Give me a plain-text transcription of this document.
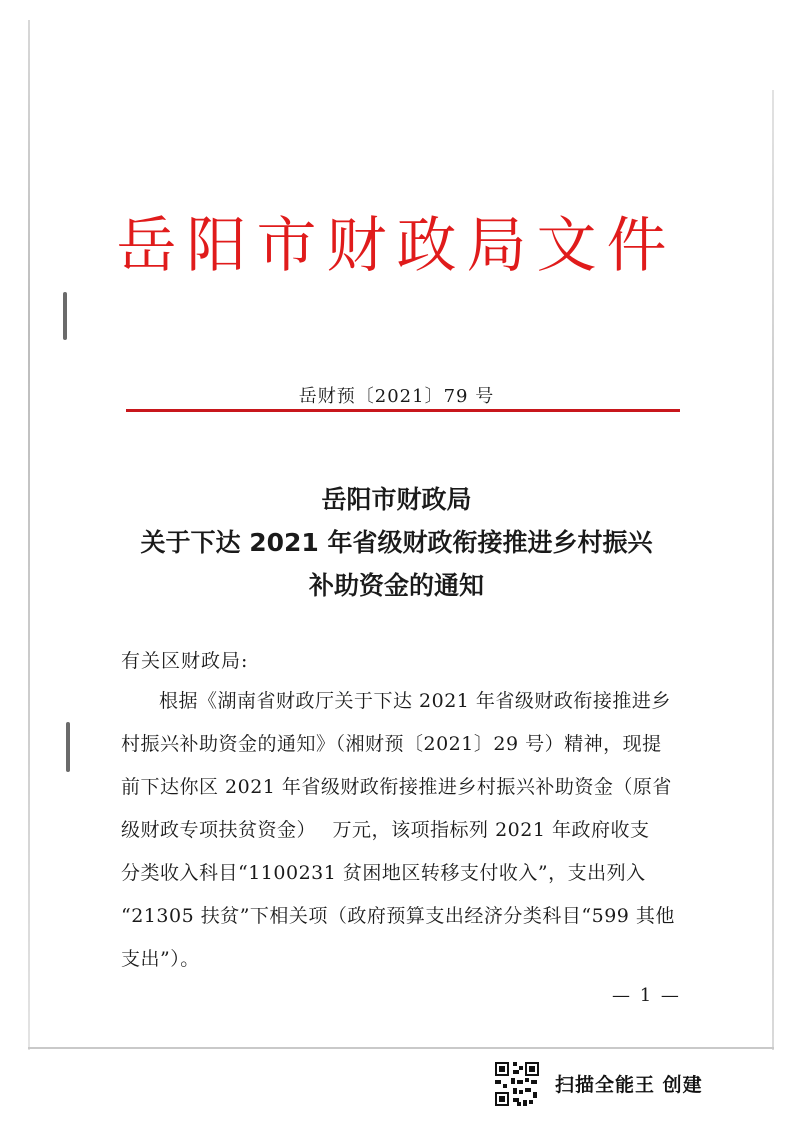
岳阳市财政局文件
岳财预〔2021〕79 号
岳阳市财政局
关于下达 2021 年省级财政衔接推进乡村振兴
补助资金的通知
有关区财政局:
根据《湖南省财政厅关于下达 2021 年省级财政衔接推进乡
村振兴补助资金的通知》（湘财预〔2021〕29 号）精神，现提
前下达你区 2021 年省级财政衔接推进乡村振兴补助资金（原省
级财政专项扶贫资金）　 万元，该项指标列 2021 年政府收支
分类收入科目“1100231 贫困地区转移支付收入”，支出列入
“21305 扶贫”下相关项（政府预算支出经济分类科目“599 其他
支出”）。
— 1 —
扫描全能王 创建
